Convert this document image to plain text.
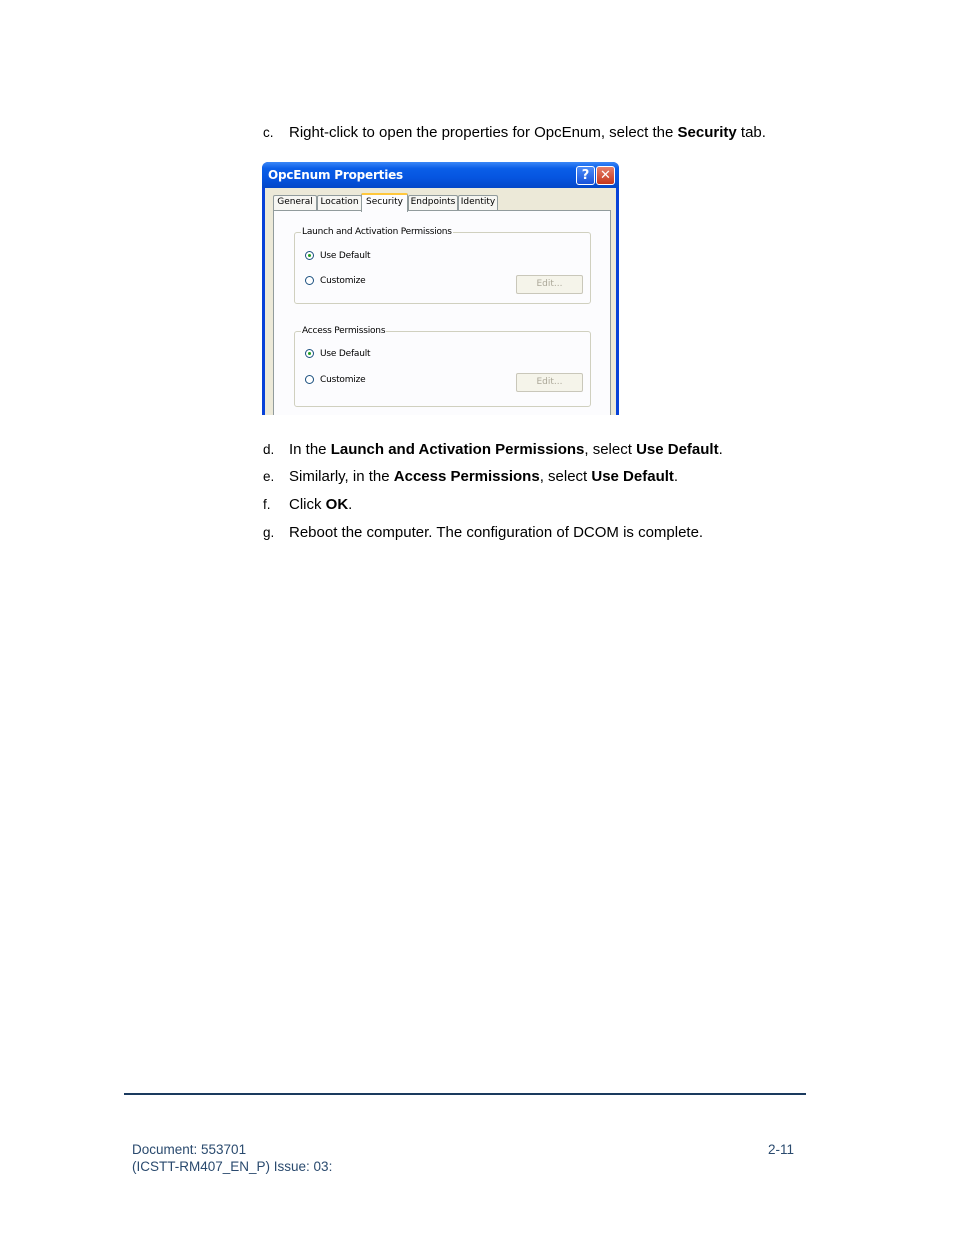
c. Right-click to open the properties for OpcEnum, select the Security tab.
OpcEnum Properties	? ✕
General Location Security Endpoints Identity
Launch and Activation Permissions
Use Default
Customize	Edit...
Access Permissions
Use Default
Customize	Edit...
d. In the Launch and Activation Permissions, select Use Default.
e. Similarly, in the Access Permissions, select Use Default.
f. Click OK.
g. Reboot the computer. The configuration of DCOM is complete.
Document: 553701
(ICSTT-RM407_EN_P) Issue: 03:
2-11
